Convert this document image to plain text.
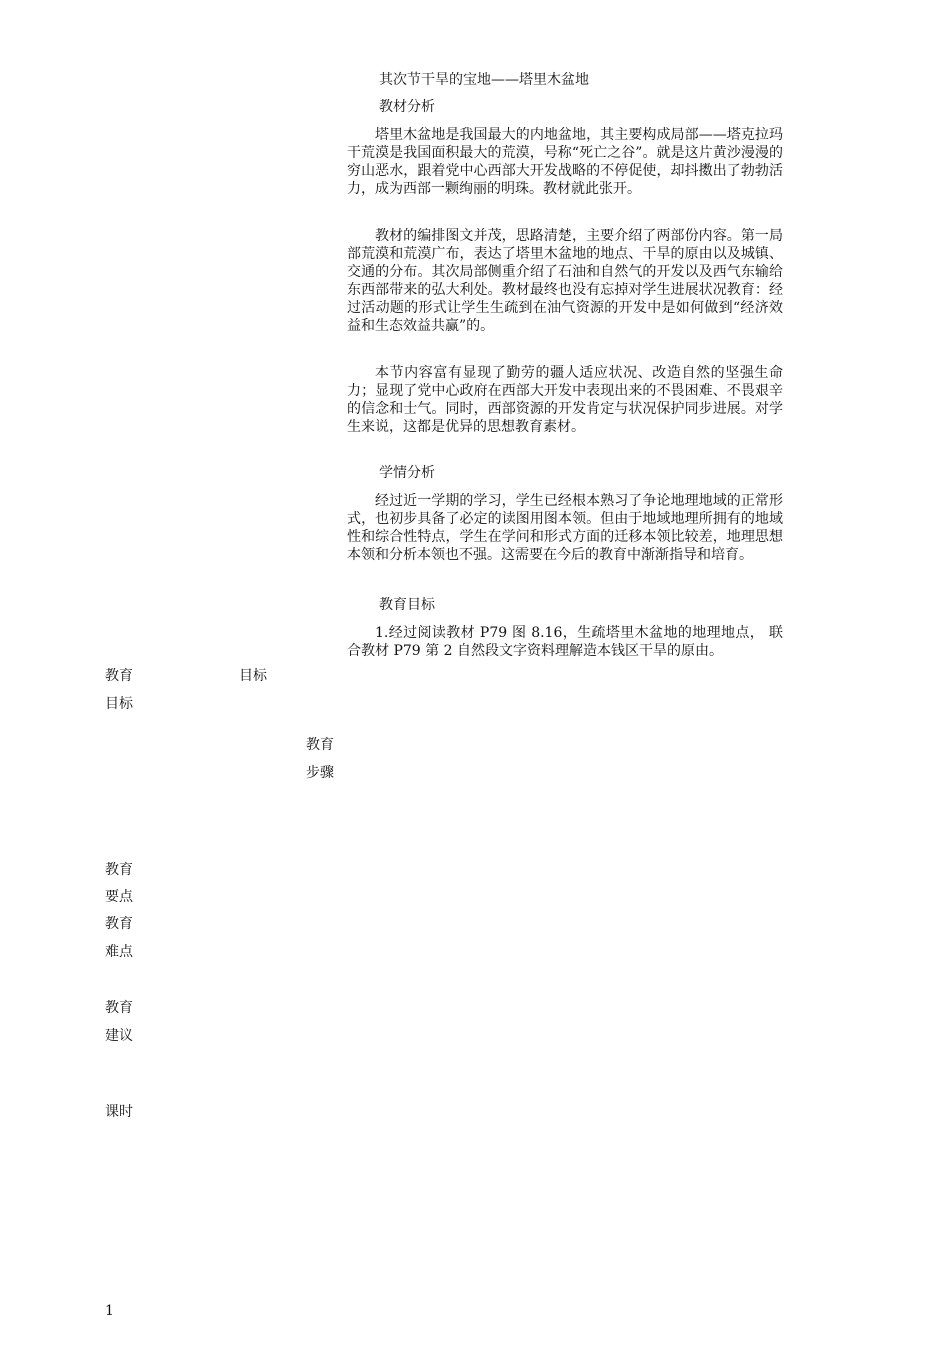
其次节干旱的宝地——塔里木盆地
教材分析

塔里木盆地是我国最大的内地盆地，其主要构成局部——塔克拉玛干荒漠是我国面积最大的荒漠，号称“死亡之谷”。就是这片黄沙漫漫的穷山恶水，跟着党中心西部大开发战略的不停促使，却抖擞出了勃勃活力，成为西部一颗绚丽的明珠。教材就此张开。

教材的编排图文并茂，思路清楚，主要介绍了两部份内容。第一局部荒漠和荒漠广布，表达了塔里木盆地的地点、干旱的原由以及城镇、交通的分布。其次局部侧重介绍了石油和自然气的开发以及西气东输给东西部带来的弘大利处。教材最终也没有忘掉对学生进展状况教育：经过活动题的形式让学生生疏到在油气资源的开发中是如何做到“经济效益和生态效益共赢”的。

本节内容富有显现了勤劳的疆人适应状况、改造自然的坚强生命力；显现了党中心政府在西部大开发中表现出来的不畏困难、不畏艰辛的信念和士气。同时，西部资源的开发肯定与状况保护同步进展。对学生来说，这都是优异的思想教育素材。

学情分析

经过近一学期的学习，学生已经根本熟习了争论地理地域的正常形式，也初步具备了必定的读图用图本领。但由于地域地理所拥有的地域性和综合性特点，学生在学问和形式方面的迁移本领比较差，地理思想本领和分析本领也不强。这需要在今后的教育中渐渐指导和培育。

教育目标

1.经过阅读教材 P79 图 8.16，生疏塔里木盆地的地理地点， 联合教材 P79 第 2 自然段文字资料理解造本钱区干旱的原由。

教育	目标
目标
教育
步骤
教育
要点
教育
难点
教育
建议
课时
1
